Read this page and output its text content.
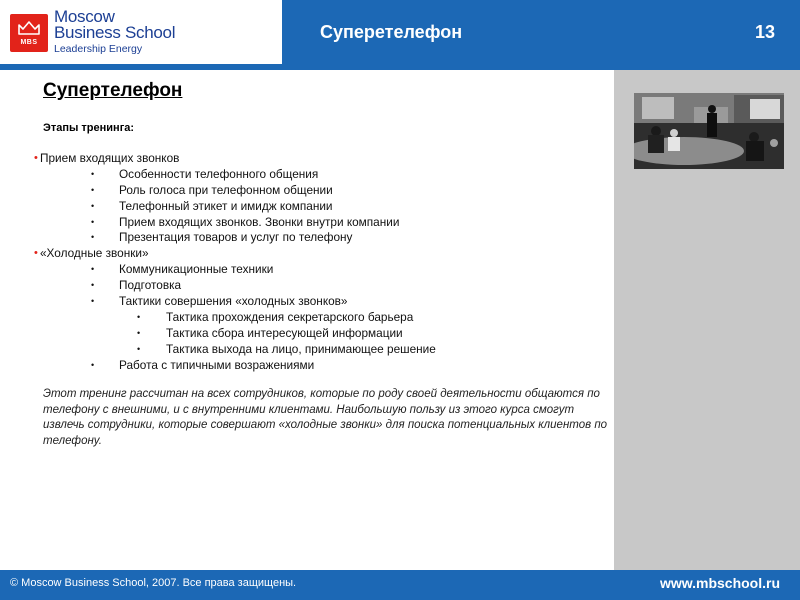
MBS
Moscow
Business School
Leadership Energy
Суперетелефон	13
Супертелефон
Этапы тренинга:
• Прием входящих звонков
• Особенности телефонного общения
• Роль голоса при телефонном общении
• Телефонный этикет и имидж компании
• Прием входящих звонков. Звонки внутри компании
• Презентация товаров и услуг по телефону
• «Холодные звонки»
• Коммуникационные техники
• Подготовка
• Тактики совершения «холодных звонков»
• Тактика прохождения секретарского барьера
• Тактика сбора интересующей информации
• Тактика выхода на лицо, принимающее решение
• Работа с типичными возражениями
Этот тренинг рассчитан на всех сотрудников, которые по роду своей деятельности общаются по телефону с внешними, и с внутренними клиентами. Наибольшую пользу из этого курса смогут извлечь сотрудники, которые совершают «холодные звонки» для поиска потенциальных клиентов по телефону.
© Moscow Business School, 2007. Все права защищены.	www.mbschool.ru
